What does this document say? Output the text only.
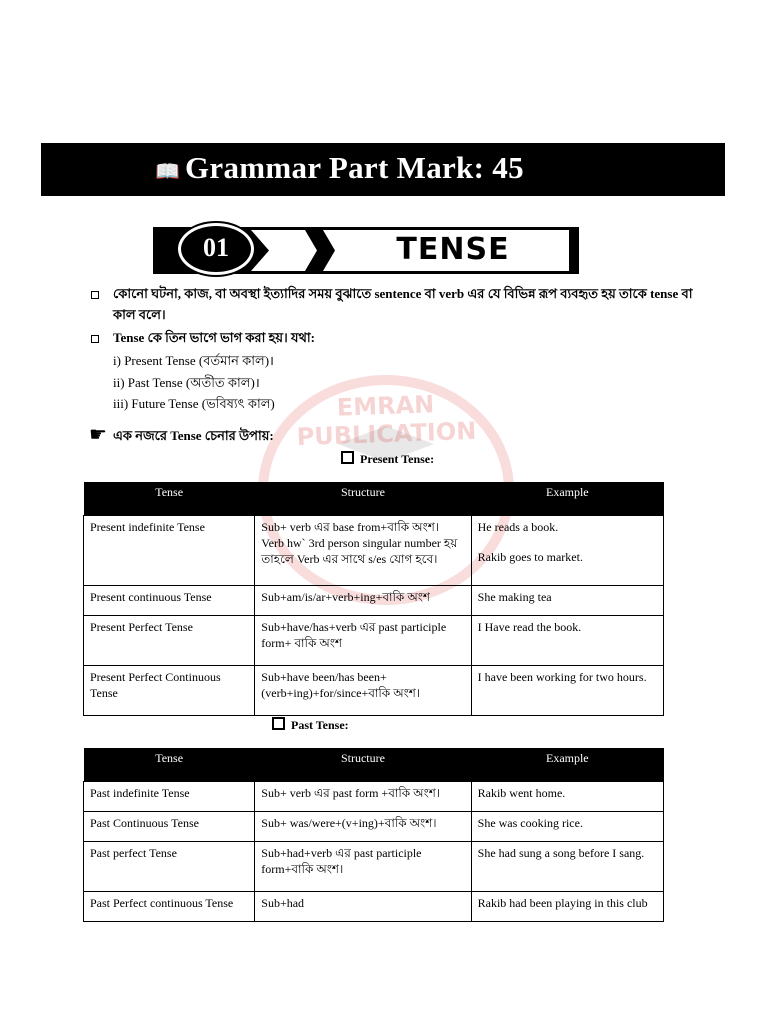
📖 Grammar Part Mark: 45
01	TENSE
EMRAN PUBLICATION
কোনো ঘটনা, কাজ, বা অবস্থা ইত্যাদির সময় বুঝাতে sentence বা verb এর যে বিভিন্ন রূপ ব্যবহৃত হয় তাকে tense বা
কাল বলে।
Tense কে তিন ভাগে ভাগ করা হয়। যথা:
i) Present Tense (বর্তমান কাল)।
ii) Past Tense (অতীত কাল)।
iii) Future Tense (ভবিষ্যৎ কাল)
☛ এক নজরে Tense চেনার উপায়:
Present Tense:
Tense	Structure	Example
Present indefinite Tense	Sub+ verb এর base from+বাকি অংশ। Verb hw` 3rd person singular number হয় তাহলে Verb এর সাথে s/es যোগ হবে।	He reads a book.
Rakib goes to market.

Present continuous Tense	Sub+am/is/ar+verb+ing+বাকি অংশ	She making tea
Present Perfect Tense	Sub+have/has+verb এর past participle form+ বাকি অংশ	I Have read the book.
Present Perfect Continuous Tense	Sub+have been/has been+(verb+ing)+for/since+বাকি অংশ।	I have been working for two hours.
Past Tense:
Tense	Structure	Example
Past indefinite Tense	Sub+ verb এর past form +বাকি অংশ।	Rakib went home.
Past Continuous Tense	Sub+ was/were+(v+ing)+বাকি অংশ।	She was cooking rice.
Past perfect Tense	Sub+had+verb এর past participle form+বাকি অংশ।	She had sung a song before I sang.
Past Perfect continuous Tense	Sub+had	Rakib had been playing in this club
